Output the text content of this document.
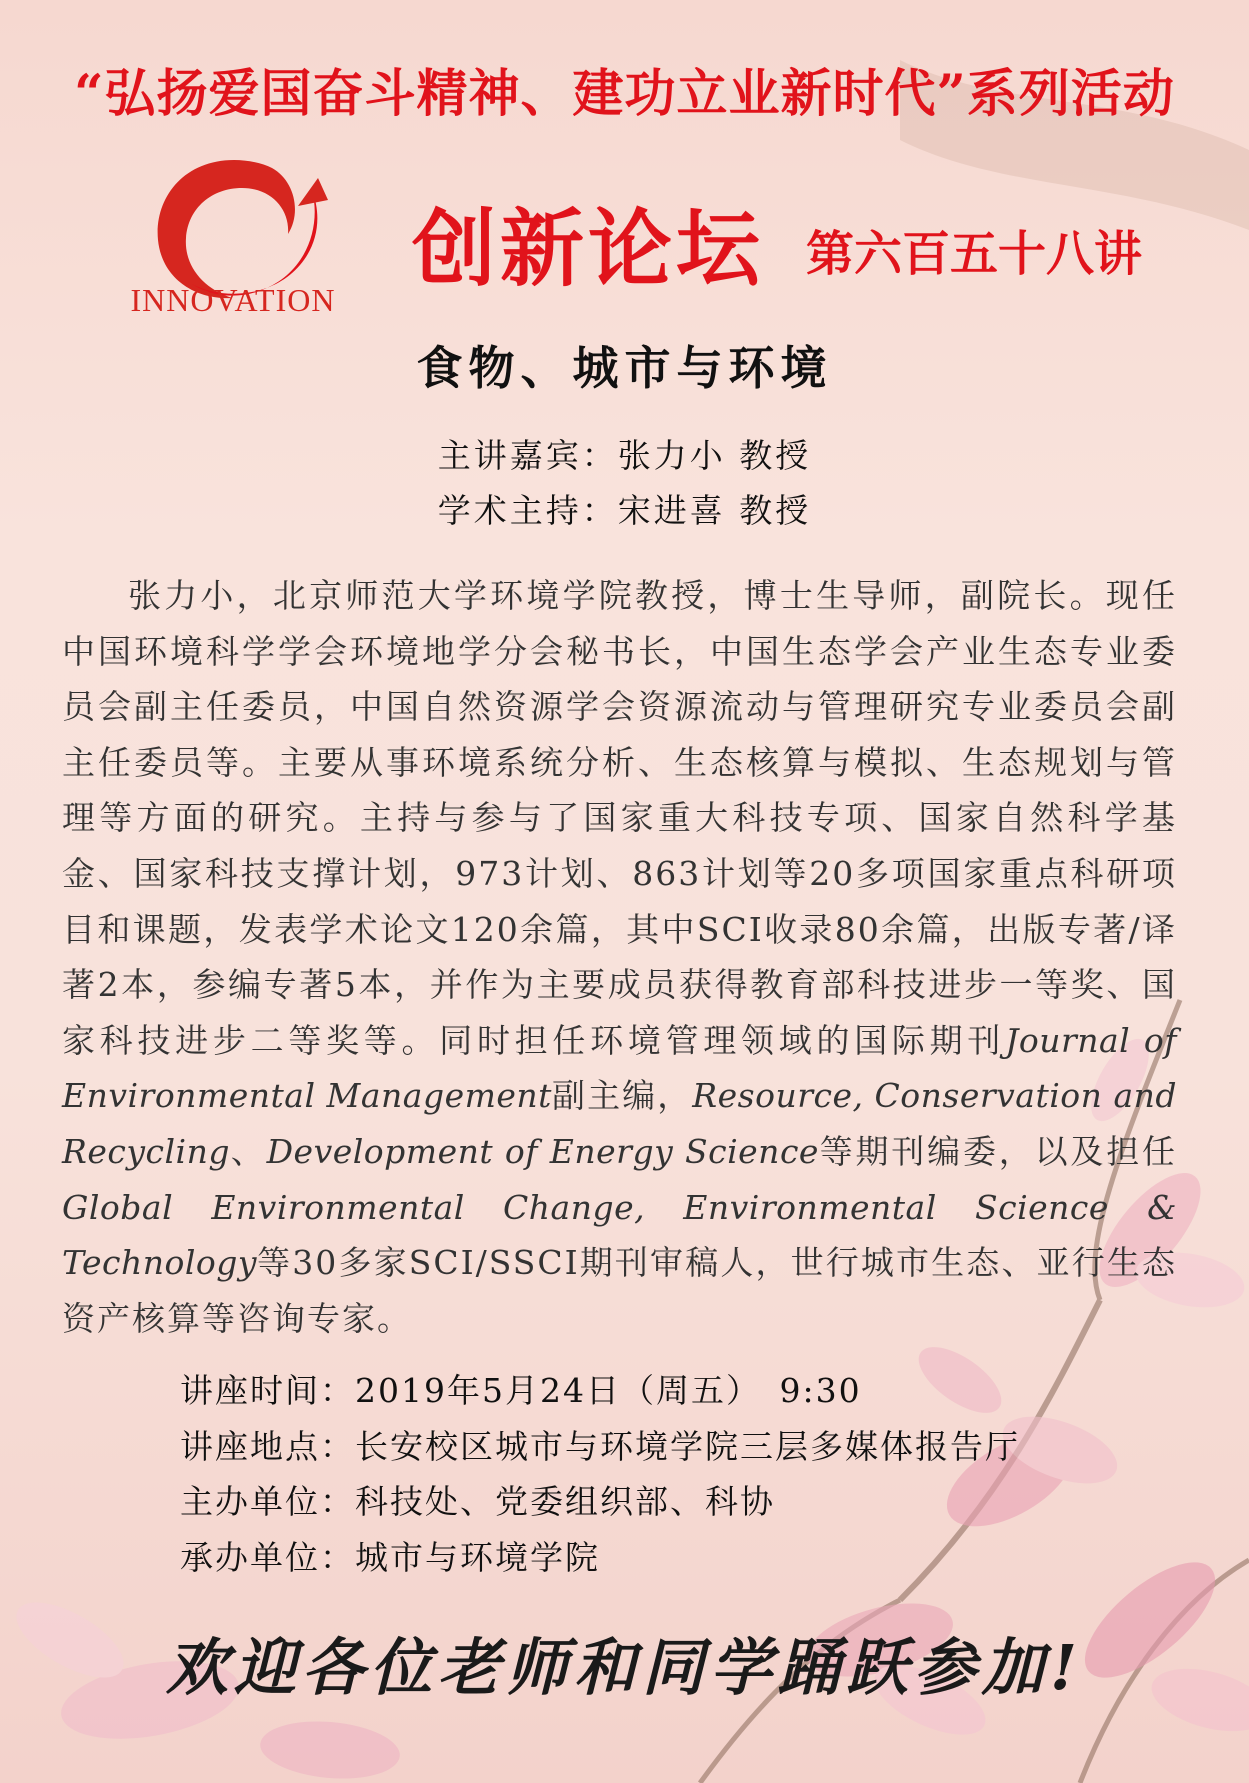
“弘扬爱国奋斗精神、建功立业新时代”系列活动
INNOVATION
创新论坛 第六百五十八讲
食物、城市与环境
主讲嘉宾：张力小 教授
学术主持：宋进喜 教授
张力小，北京师范大学环境学院教授，博士生导师，副院长。现任中国环境科学学会环境地学分会秘书长，中国生态学会产业生态专业委员会副主任委员，中国自然资源学会资源流动与管理研究专业委员会副主任委员等。主要从事环境系统分析、生态核算与模拟、生态规划与管理等方面的研究。主持与参与了国家重大科技专项、国家自然科学基金、国家科技支撑计划，973计划、863计划等20多项国家重点科研项目和课题，发表学术论文120余篇，其中SCI收录80余篇，出版专著/译著2本，参编专著5本，并作为主要成员获得教育部科技进步一等奖、国家科技进步二等奖等。同时担任环境管理领域的国际期刊Journal of Environmental Management副主编，Resource, Conservation and Recycling、Development of Energy Science等期刊编委，以及担任Global Environmental Change, Environmental Science & Technology等30多家SCI/SSCI期刊审稿人，世行城市生态、亚行生态资产核算等咨询专家。
讲座时间：2019年5月24日（周五）　9:30
讲座地点：长安校区城市与环境学院三层多媒体报告厅
主办单位：科技处、党委组织部、科协
承办单位：城市与环境学院
欢迎各位老师和同学踊跃参加!
